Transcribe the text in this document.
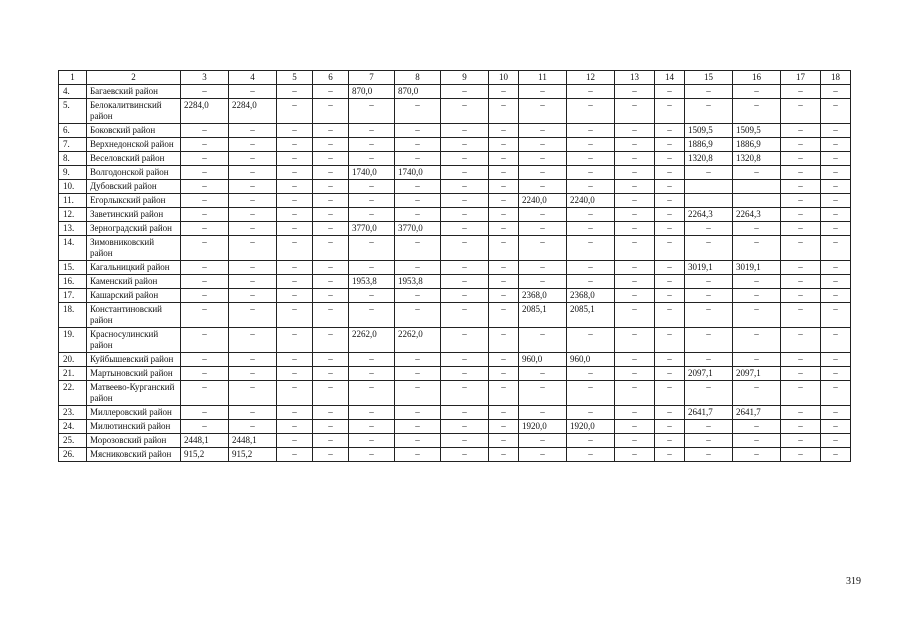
1	2	3	4	5	6	7	8	9	10	11	12	13	14	15	16	17	18
4.	Багаевский район	–	–	–	–	870,0	870,0	–	–	–	–	–	–	–	–	–	–
5.	Белокалитвинский район	2284,0	2284,0	–	–	–	–	–	–	–	–	–	–	–	–	–	–
6.	Боковский район	–	–	–	–	–	–	–	–	–	–	–	–	1509,5	1509,5	–	–
7.	Верхнедонской район	–	–	–	–	–	–	–	–	–	–	–	–	1886,9	1886,9	–	–
8.	Веселовский район	–	–	–	–	–	–	–	–	–	–	–	–	1320,8	1320,8	–	–
9.	Волгодонской район	–	–	–	–	1740,0	1740,0	–	–	–	–	–	–	–	–	–	–
10.	Дубовский район	–	–	–	–	–	–	–	–	–	–	–	–			–	–
11.	Егорлыкский район	–	–	–	–	–	–	–	–	2240,0	2240,0	–	–			–	–
12.	Заветинский район	–	–	–	–	–	–	–	–	–	–	–	–	2264,3	2264,3	–	–
13.	Зерноградский район	–	–	–	–	3770,0	3770,0	–	–	–	–	–	–	–	–	–	–
14.	Зимовниковский район	–	–	–	–	–	–	–	–	–	–	–	–	–	–	–	–
15.	Кагальницкий район	–	–	–	–	–	–	–	–	–	–	–	–	3019,1	3019,1	–	–
16.	Каменский район	–	–	–	–	1953,8	1953,8	–	–	–	–	–	–	–	–	–	–
17.	Кашарский район	–	–	–	–	–	–	–	–	2368,0	2368,0	–	–	–	–	–	–
18.	Константиновский район	–	–	–	–	–	–	–	–	2085,1	2085,1	–	–	–	–	–	–
19.	Красносулинский район	–	–	–	–	2262,0	2262,0	–	–	–	–	–	–	–	–	–	–
20.	Куйбышевский район	–	–	–	–	–	–	–	–	960,0	960,0	–	–	–	–	–	–
21.	Мартыновский район	–	–	–	–	–	–	–	–	–	–	–	–	2097,1	2097,1	–	–
22.	Матвеево-Курганский район	–	–	–	–	–	–	–	–	–	–	–	–	–	–	–	–
23.	Миллеровский район	–	–	–	–	–	–	–	–	–	–	–	–	2641,7	2641,7	–	–
24.	Милютинский район	–	–	–	–	–	–	–	–	1920,0	1920,0	–	–	–	–	–	–
25.	Морозовский район	2448,1	2448,1	–	–	–	–	–	–	–	–	–	–	–	–	–	–
26.	Мясниковский район	915,2	915,2	–	–	–	–	–	–	–	–	–	–	–	–	–	–
319
